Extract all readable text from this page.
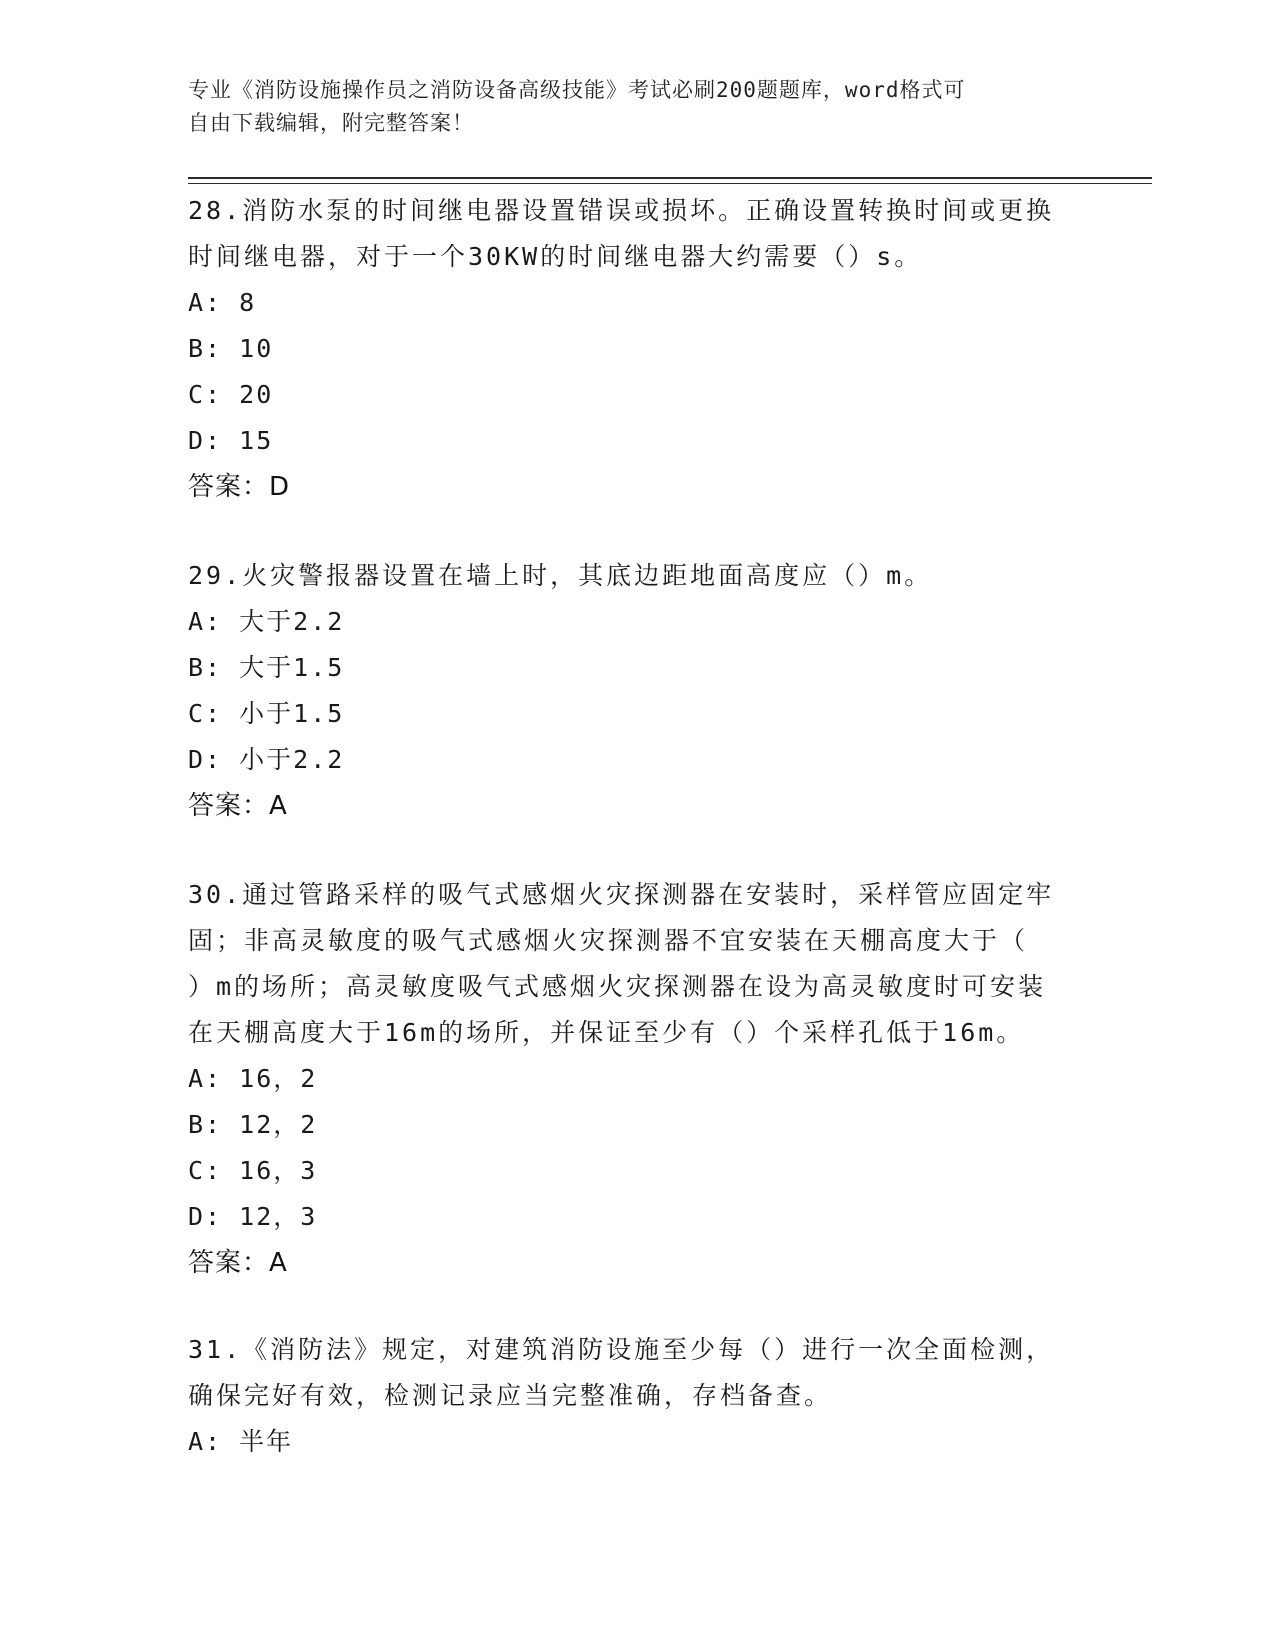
专业《消防设施操作员之消防设备高级技能》考试必刷200题题库，word格式可
自由下载编辑，附完整答案！
28.消防水泵的时间继电器设置错误或损坏。正确设置转换时间或更换
时间继电器，对于一个30KW的时间继电器大约需要（）s。
A: 8
B: 10
C: 20
D: 15
答案：D
29.火灾警报器设置在墙上时，其底边距地面高度应（）m。
A: 大于2.2
B: 大于1.5
C: 小于1.5
D: 小于2.2
答案：A
30.通过管路采样的吸气式感烟火灾探测器在安装时，采样管应固定牢
固；非高灵敏度的吸气式感烟火灾探测器不宜安装在天棚高度大于（
）m的场所；高灵敏度吸气式感烟火灾探测器在设为高灵敏度时可安装
在天棚高度大于16m的场所，并保证至少有（）个采样孔低于16m。
A: 16，2
B: 12，2
C: 16，3
D: 12，3
答案：A
31.《消防法》规定，对建筑消防设施至少每（）进行一次全面检测，
确保完好有效，检测记录应当完整准确，存档备查。
A: 半年
